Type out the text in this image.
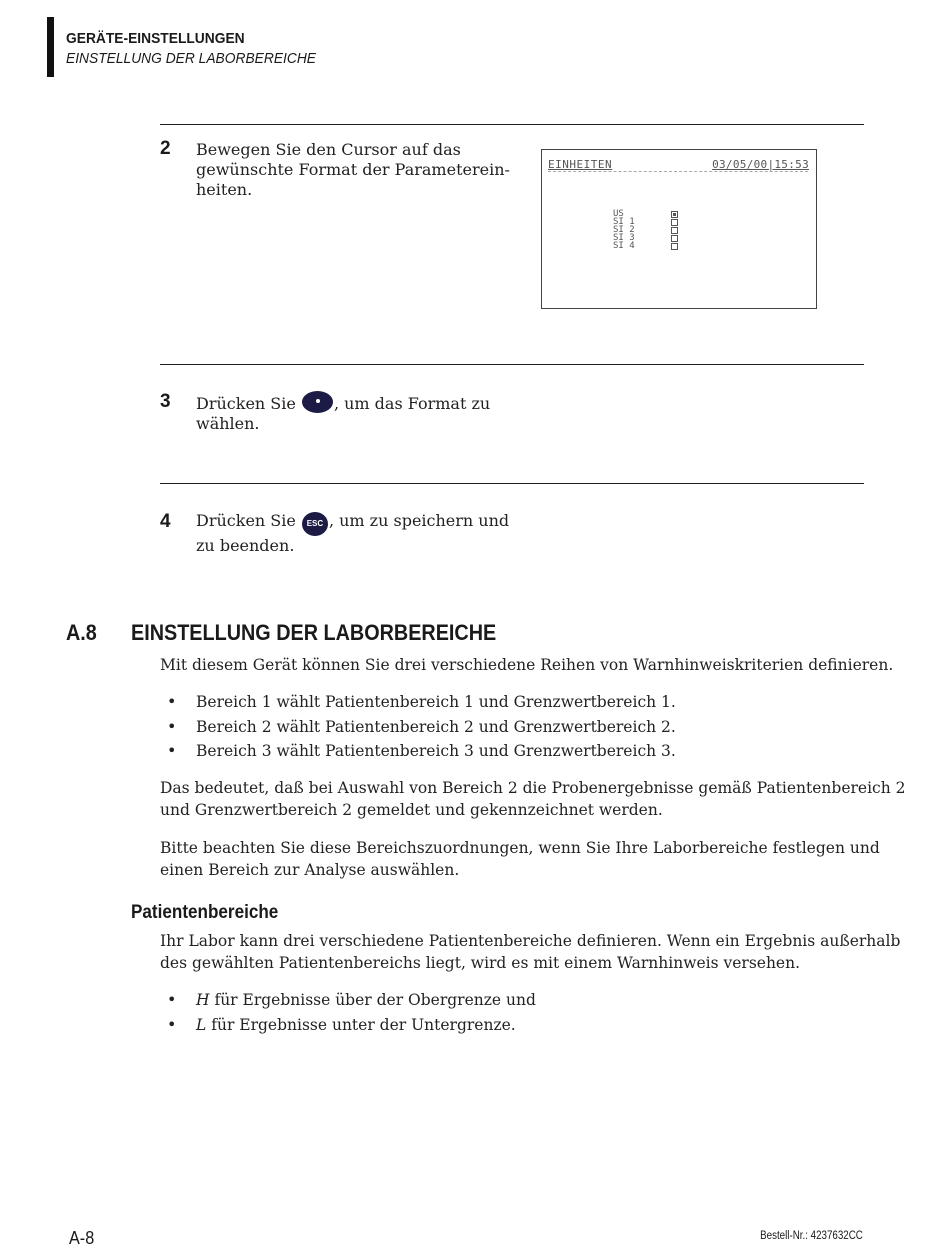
GERÄTE-EINSTELLUNGEN
EINSTELLUNG DER LABORBEREICHE
2 Bewegen Sie den Cursor auf das
gewünschte Format der Parameterein-
heiten.
EINHEITEN	03/05/00|15:53
US
SI 1
SI 2
SI 3
SI 4
3 Drücken Sie , um das Format zu
wählen.
4 Drücken Sie ESC , um zu speichern und
zu beenden.
A.8 EINSTELLUNG DER LABORBEREICHE
Mit diesem Gerät können Sie drei verschiedene Reihen von Warnhinweiskriterien definieren.
• Bereich 1 wählt Patientenbereich 1 und Grenzwertbereich 1.
• Bereich 2 wählt Patientenbereich 2 und Grenzwertbereich 2.
• Bereich 3 wählt Patientenbereich 3 und Grenzwertbereich 3.
Das bedeutet, daß bei Auswahl von Bereich 2 die Probenergebnisse gemäß Patientenbereich 2
und Grenzwertbereich 2 gemeldet und gekennzeichnet werden.
Bitte beachten Sie diese Bereichszuordnungen, wenn Sie Ihre Laborbereiche festlegen und
einen Bereich zur Analyse auswählen.
Patientenbereiche
Ihr Labor kann drei verschiedene Patientenbereiche definieren. Wenn ein Ergebnis außerhalb
des gewählten Patientenbereichs liegt, wird es mit einem Warnhinweis versehen.
• H für Ergebnisse über der Obergrenze und
• L für Ergebnisse unter der Untergrenze.
A-8	Bestell-Nr.: 4237632CC
